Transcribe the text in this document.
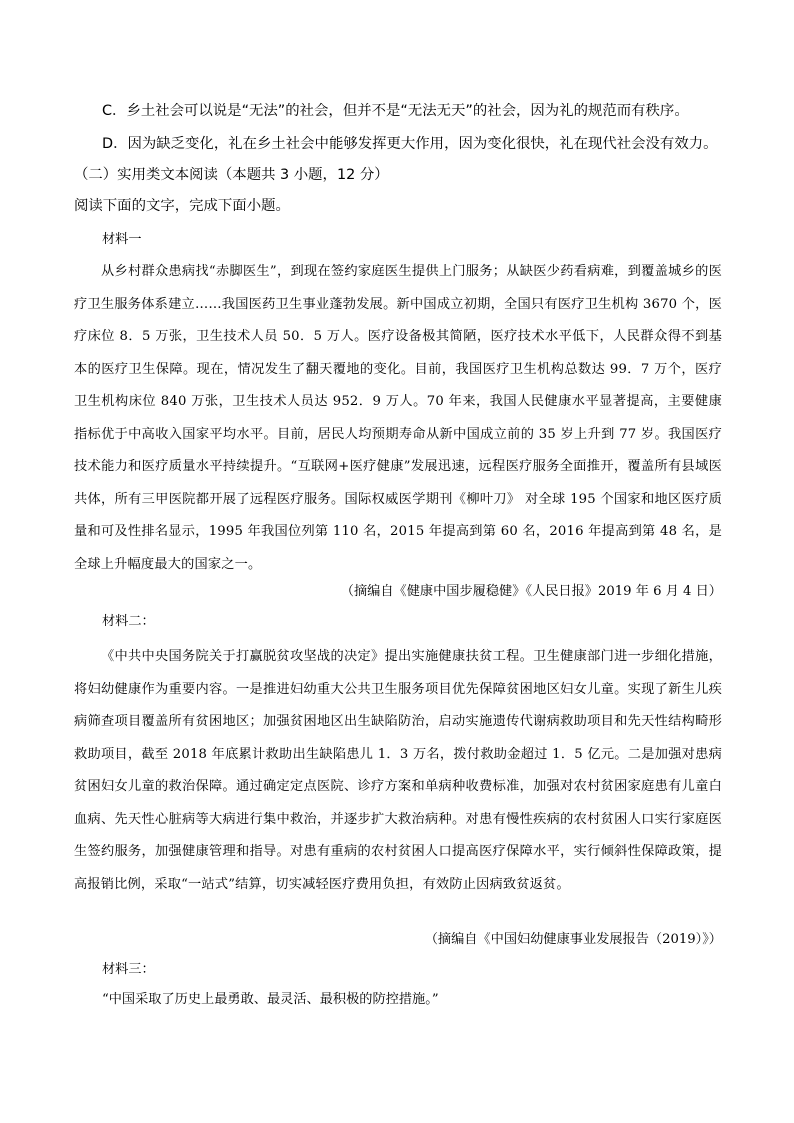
C．乡土社会可以说是“无法”的社会，但并不是“无法无天”的社会，因为礼的规范而有秩序。
D．因为缺乏变化，礼在乡土社会中能够发挥更大作用，因为变化很快，礼在现代社会没有效力。
（二）实用类文本阅读（本题共 3 小题，12 分）
阅读下面的文字，完成下面小题。
材料一

从乡村群众患病找“赤脚医生”，到现在签约家庭医生提供上门服务；从缺医少药看病难，到覆盖城乡的医疗卫生服务体系建立……我国医药卫生事业蓬勃发展。新中国成立初期，全国只有医疗卫生机构 3670 个，医疗床位 8．5 万张，卫生技术人员 50．5 万人。医疗设备极其简陋，医疗技术水平低下，人民群众得不到基本的医疗卫生保障。现在，情况发生了翻天覆地的变化。目前，我国医疗卫生机构总数达 99．7 万个，医疗卫生机构床位 840 万张，卫生技术人员达 952．9 万人。70 年来，我国人民健康水平显著提高，主要健康指标优于中高收入国家平均水平。目前，居民人均预期寿命从新中国成立前的 35 岁上升到 77 岁。我国医疗技术能力和医疗质量水平持续提升。“互联网+医疗健康”发展迅速，远程医疗服务全面推开，覆盖所有县域医共体，所有三甲医院都开展了远程医疗服务。国际权威医学期刊《柳叶刀》 对全球 195 个国家和地区医疗质量和可及性排名显示，1995 年我国位列第 110 名，2015 年提高到第 60 名，2016 年提高到第 48 名，是全球上升幅度最大的国家之一。

（摘编自《健康中国步履稳健》《人民日报》2019 年 6 月 4 日）
材料二：

《中共中央国务院关于打赢脱贫攻坚战的决定》提出实施健康扶贫工程。卫生健康部门进一步细化措施，将妇幼健康作为重要内容。一是推进妇幼重大公共卫生服务项目优先保障贫困地区妇女儿童。实现了新生儿疾病筛查项目覆盖所有贫困地区；加强贫困地区出生缺陷防治，启动实施遗传代谢病救助项目和先天性结构畸形救助项目，截至 2018 年底累计救助出生缺陷患儿 1．3 万名，拨付救助金超过 1．5 亿元。二是加强对患病贫困妇女儿童的救治保障。通过确定定点医院、诊疗方案和单病种收费标准，加强对农村贫困家庭患有儿童白血病、先天性心脏病等大病进行集中救治，并逐步扩大救治病种。对患有慢性疾病的农村贫困人口实行家庭医生签约服务，加强健康管理和指导。对患有重病的农村贫困人口提高医疗保障水平，实行倾斜性保障政策，提高报销比例，采取“一站式”结算，切实减轻医疗费用负担，有效防止因病致贫返贫。

（摘编自《中国妇幼健康事业发展报告（2019）》）
材料三：
“中国采取了历史上最勇敢、最灵活、最积极的防控措施。”
